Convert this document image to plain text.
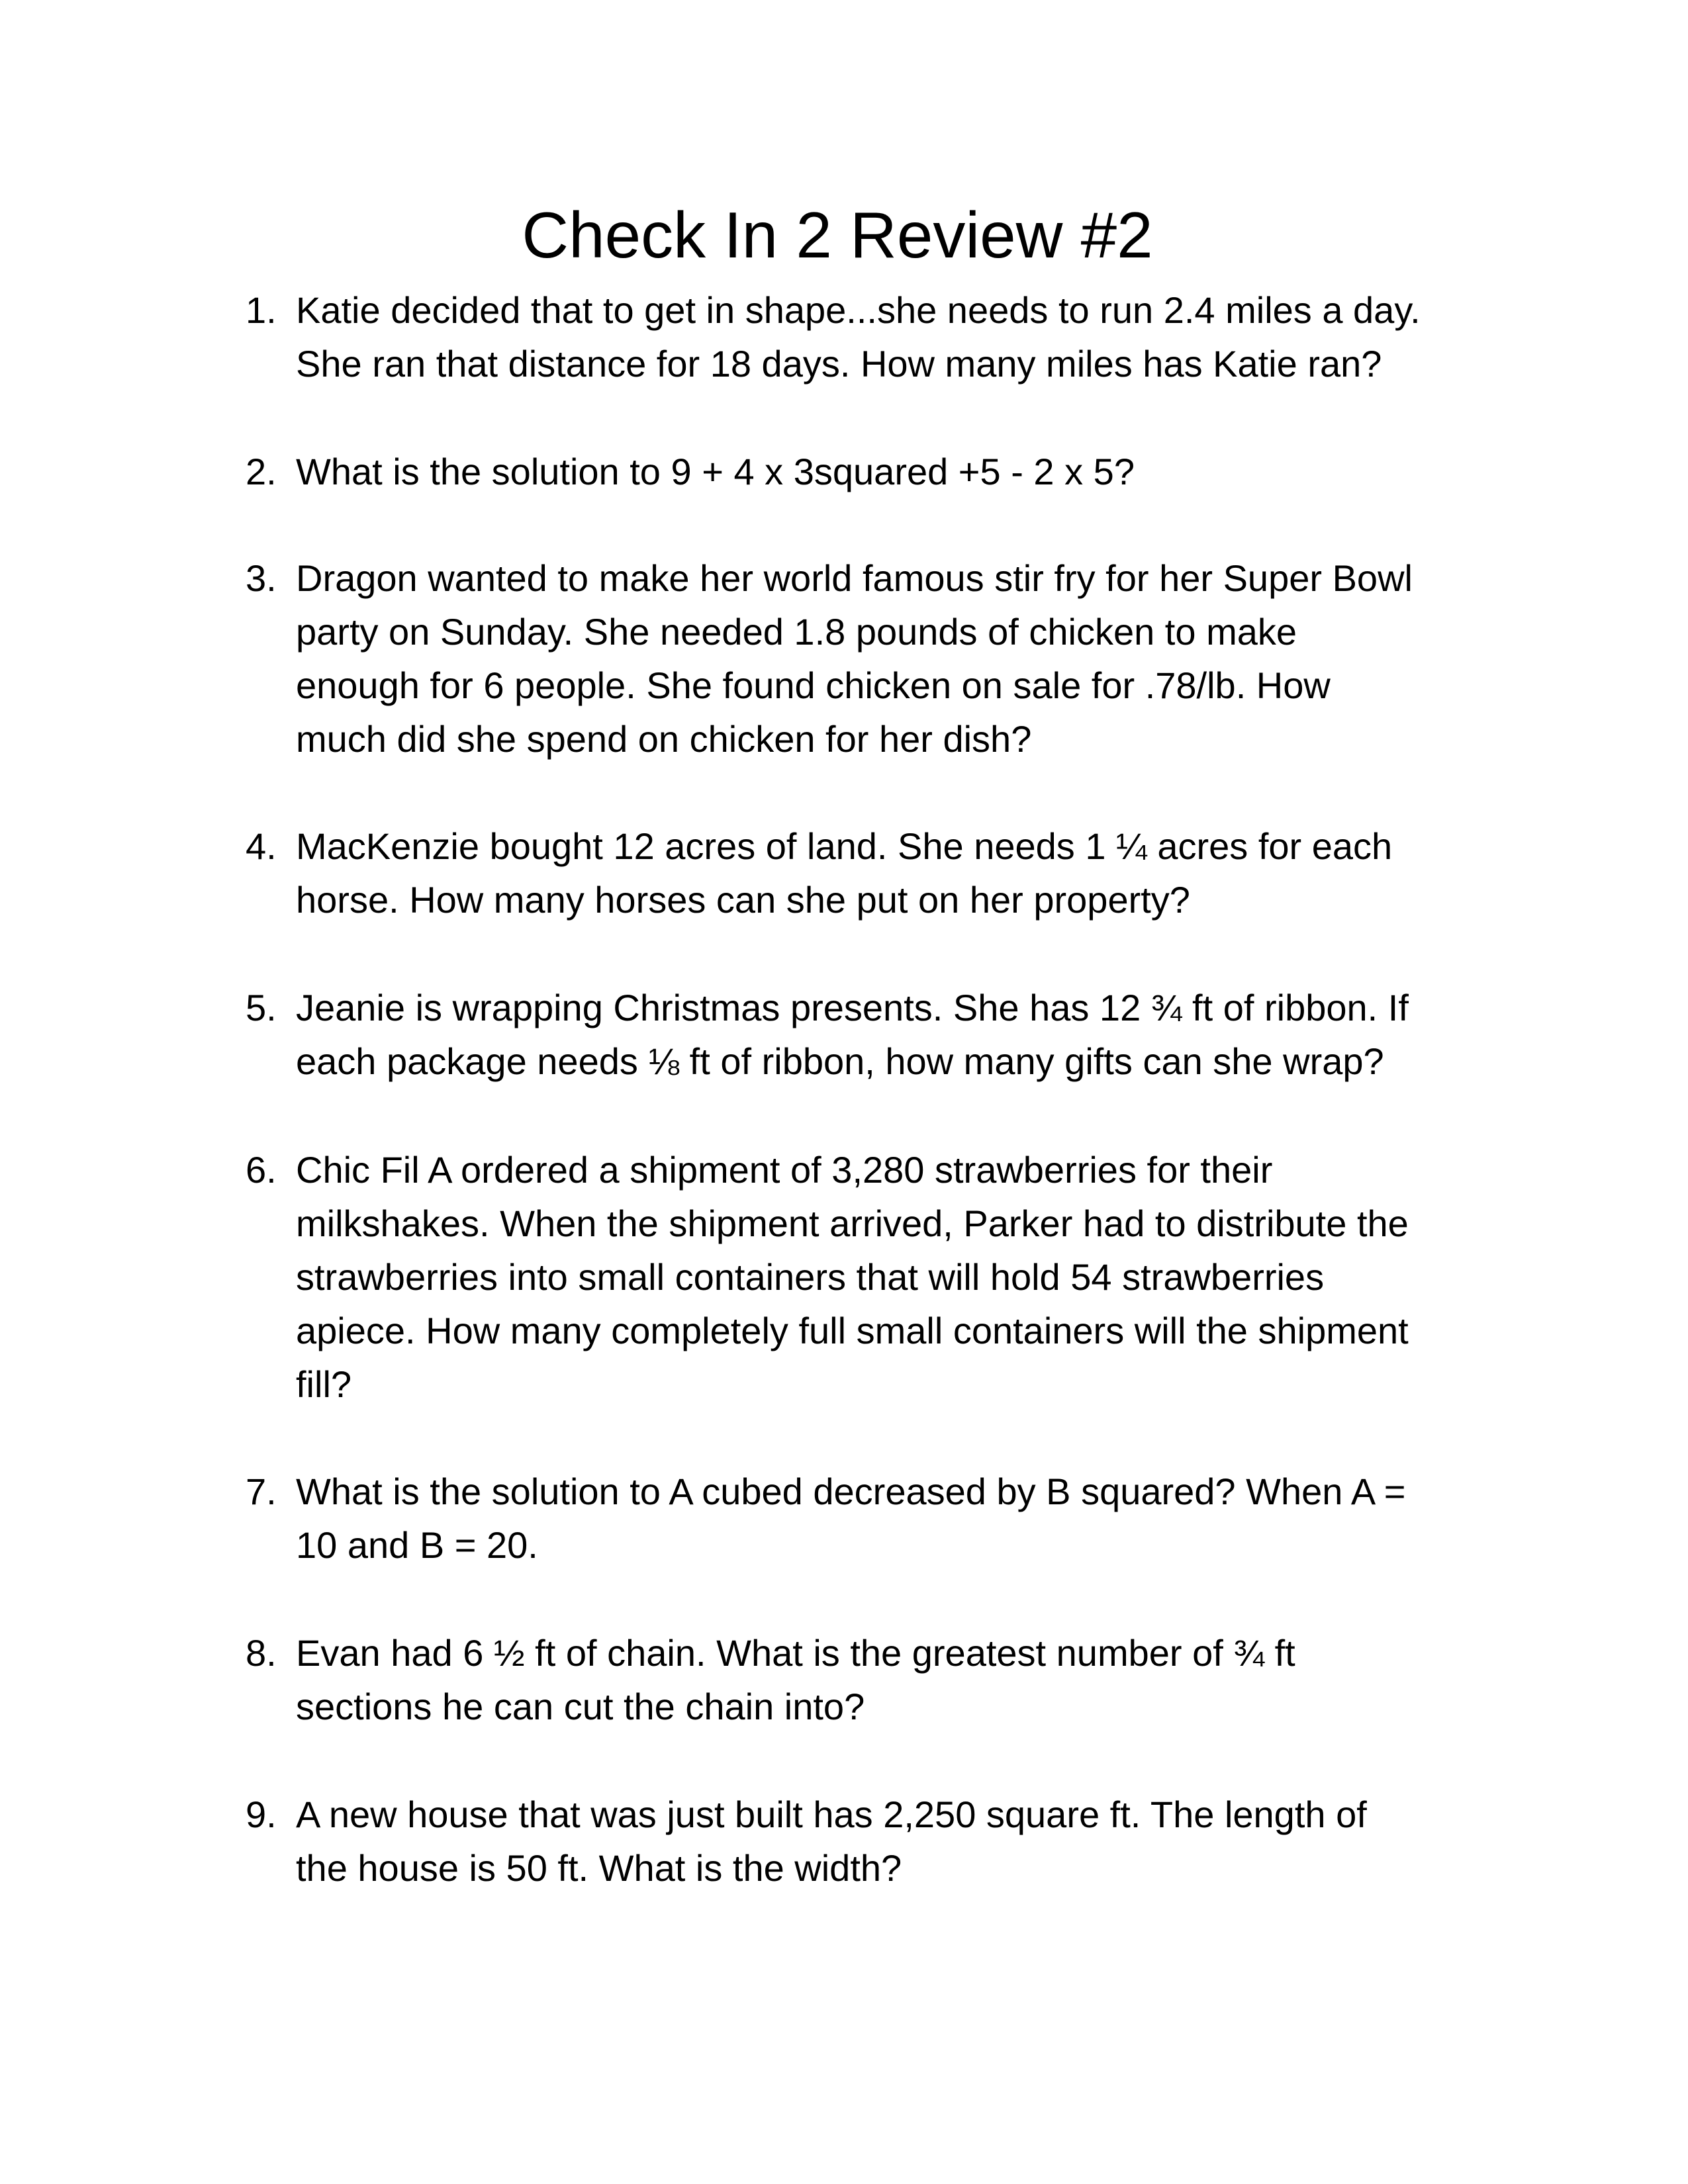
Check In 2 Review #2
1. Katie decided that to get in shape...she needs to run 2.4 miles a day.
She ran that distance for 18 days. How many miles has Katie ran?
2. What is the solution to 9 + 4 x 3squared +5 - 2 x 5?
3. Dragon wanted to make her world famous stir fry for her Super Bowl
party on Sunday. She needed 1.8 pounds of chicken to make
enough for 6 people. She found chicken on sale for .78/lb. How
much did she spend on chicken for her dish?
4. MacKenzie bought 12 acres of land. She needs 1 ¼ acres for each
horse. How many horses can she put on her property?
5. Jeanie is wrapping Christmas presents. She has 12 ¾ ft of ribbon. If
each package needs ⅛ ft of ribbon, how many gifts can she wrap?
6. Chic Fil A ordered a shipment of 3,280 strawberries for their
milkshakes. When the shipment arrived, Parker had to distribute the
strawberries into small containers that will hold 54 strawberries
apiece. How many completely full small containers will the shipment
fill?
7. What is the solution to A cubed decreased by B squared? When A =
10 and B = 20.
8. Evan had 6 ½ ft of chain. What is the greatest number of ¾ ft
sections he can cut the chain into?
9. A new house that was just built has 2,250 square ft. The length of
the house is 50 ft. What is the width?
